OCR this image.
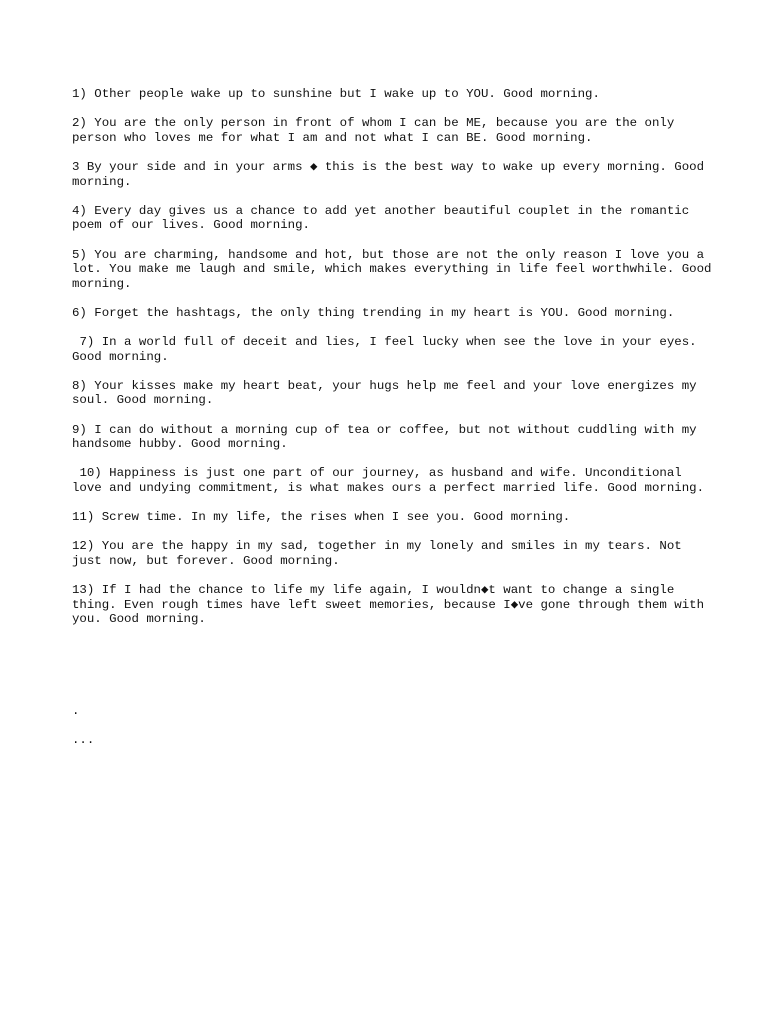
1) Other people wake up to sunshine but I wake up to YOU. Good morning.

2) You are the only person in front of whom I can be ME, because you are the only person who loves me for what I am and not what I can BE. Good morning.

3 By your side and in your arms ◆ this is the best way to wake up every morning. Good morning.

4) Every day gives us a chance to add yet another beautiful couplet in the romantic poem of our lives. Good morning.

5) You are charming, handsome and hot, but those are not the only reason I love you a lot. You make me laugh and smile, which makes everything in life feel worthwhile. Good morning.

6) Forget the hashtags, the only thing trending in my heart is YOU. Good morning.

7) In a world full of deceit and lies, I feel lucky when see the love in your eyes. Good morning.

8) Your kisses make my heart beat, your hugs help me feel and your love energizes my soul. Good morning.

9) I can do without a morning cup of tea or coffee, but not without cuddling with my handsome hubby. Good morning.

10) Happiness is just one part of our journey, as husband and wife. Unconditional love and undying commitment, is what makes ours a perfect married life. Good morning.

11) Screw time. In my life, the rises when I see you. Good morning.

12) You are the happy in my sad, together in my lonely and smiles in my tears. Not just now, but forever. Good morning.

13) If I had the chance to life my life again, I wouldn◆t want to change a single thing. Even rough times have left sweet memories, because I◆ve gone through them with you. Good morning.

.
...
